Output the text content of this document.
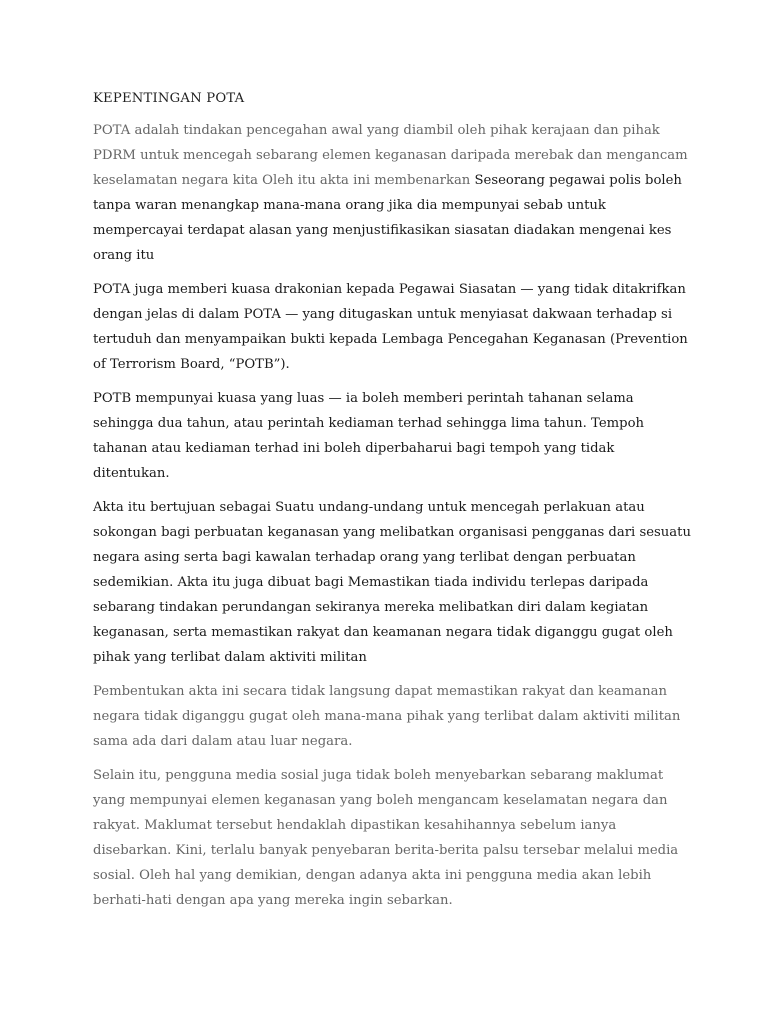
KEPENTINGAN POTA

POTA adalah tindakan pencegahan awal yang diambil oleh pihak kerajaan dan pihak PDRM untuk mencegah sebarang elemen keganasan daripada merebak dan mengancam keselamatan negara kita Oleh itu akta ini membenarkan Seseorang pegawai polis boleh tanpa waran menangkap mana-mana orang jika dia mempunyai sebab untuk mempercayai terdapat alasan yang menjustifikasikan siasatan diadakan mengenai kes orang itu

POTA juga memberi kuasa drakonian kepada Pegawai Siasatan — yang tidak ditakrifkan dengan jelas di dalam POTA — yang ditugaskan untuk menyiasat dakwaan terhadap si tertuduh dan menyampaikan bukti kepada Lembaga Pencegahan Keganasan (Prevention of Terrorism Board, “POTB”).

POTB mempunyai kuasa yang luas — ia boleh memberi perintah tahanan selama sehingga dua tahun, atau perintah kediaman terhad sehingga lima tahun. Tempoh tahanan atau kediaman terhad ini boleh diperbaharui bagi tempoh yang tidak ditentukan.

Akta itu bertujuan sebagai Suatu undang-undang untuk mencegah perlakuan atau sokongan bagi perbuatan keganasan yang melibatkan organisasi pengganas dari sesuatu negara asing serta bagi kawalan terhadap orang yang terlibat dengan perbuatan sedemikian. Akta itu juga dibuat bagi Memastikan tiada individu terlepas daripada sebarang tindakan perundangan sekiranya mereka melibatkan diri dalam kegiatan keganasan, serta memastikan rakyat dan keamanan negara tidak diganggu gugat oleh pihak yang terlibat dalam aktiviti militan

Pembentukan akta ini secara tidak langsung dapat memastikan rakyat dan keamanan negara tidak diganggu gugat oleh mana-mana pihak yang terlibat dalam aktiviti militan sama ada dari dalam atau luar negara.

Selain itu, pengguna media sosial juga tidak boleh menyebarkan sebarang maklumat yang mempunyai elemen keganasan yang boleh mengancam keselamatan negara dan rakyat. Maklumat tersebut hendaklah dipastikan kesahihannya sebelum ianya disebarkan. Kini, terlalu banyak penyebaran berita-berita palsu tersebar melalui media sosial. Oleh hal yang demikian, dengan adanya akta ini pengguna media akan lebih berhati-hati dengan apa yang mereka ingin sebarkan.
